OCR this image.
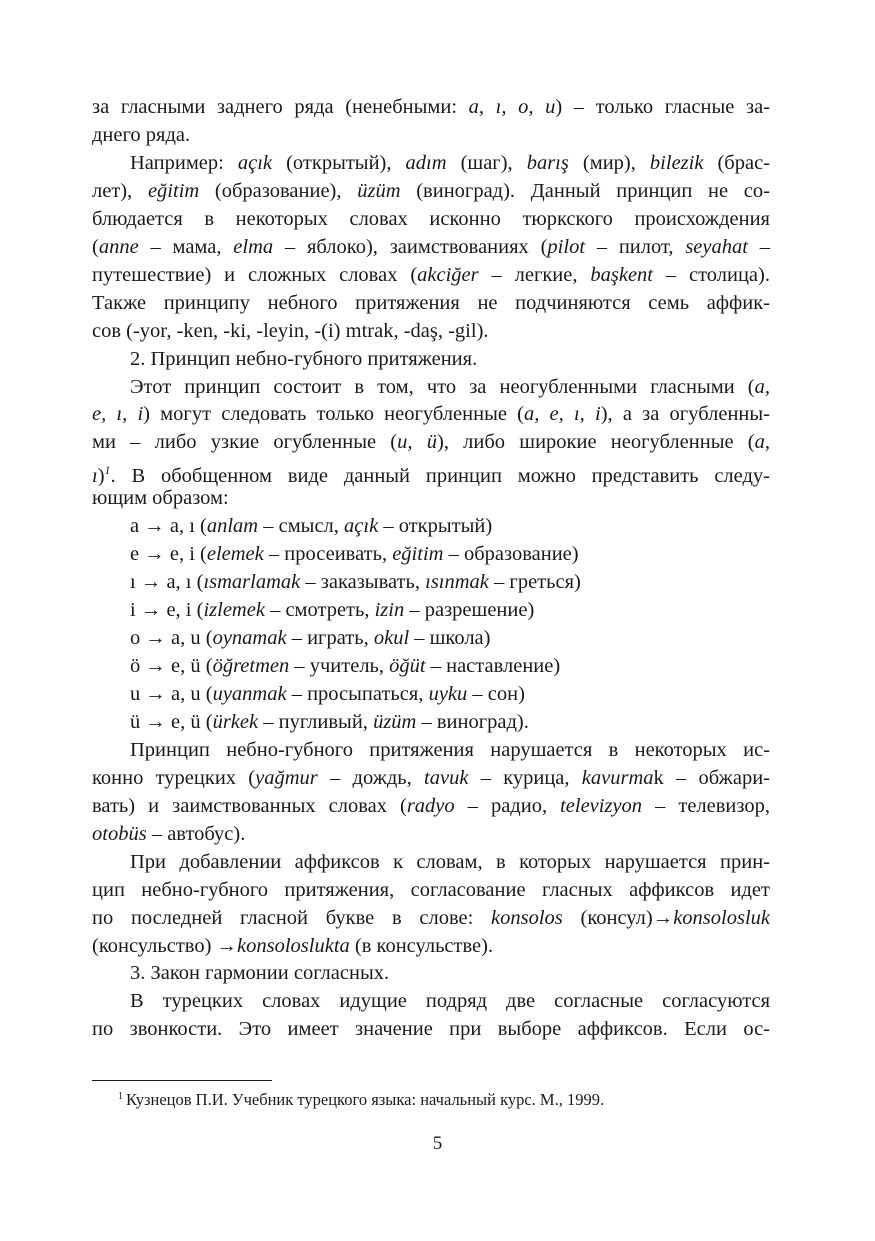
за гласными заднего ряда (ненебными: a, ı, o, u) – только гласные за-
днего ряда.
Например: açık (открытый), adım (шаг), barış (мир), bilezik (брас-
лет), eğitim (образование), üzüm (виноград). Данный принцип не со-
блюдается в некоторых словах исконно тюркского происхождения
(anne – мама, elma – яблоко), заимствованиях (pilot – пилот, seyahat –
путешествие) и сложных словах (akciğer – легкие, başkent – столица).
Также принципу небного притяжения не подчиняются семь аффик-
сов (-yor, -ken, -ki, -leyin, -(i) mtrak, -daş, -gil).
2. Принцип небно-губного притяжения.
Этот принцип состоит в том, что за неогубленными гласными (a,
e, ı, i) могут следовать только неогубленные (a, e, ı, i), а за огубленны-
ми – либо узкие огубленные (u, ü), либо широкие неогубленные (a,
ı)$^1$. В обобщенном виде данный принцип можно представить следу-
ющим образом:
a → a, ı (anlam – смысл, açık – открытый)
e → e, i (elemek – просеивать, eğitim – образование)
ı → a, ı (ısmarlamak – заказывать, ısınmak – греться)
i → e, i (izlemek – смотреть, izin – разрешение)
o → a, u (oynamak – играть, okul – школа)
ö → e, ü (öğretmen – учитель, öğüt – наставление)
u → a, u (uyanmak – просыпаться, uyku – сон)
ü → e, ü (ürkek – пугливый, üzüm – виноград).
Принцип небно-губного притяжения нарушается в некоторых ис-
конно турецких (yağmur – дождь, tavuk – курица, kavurmak – обжари-
вать) и заимствованных словах (radyo – радио, televizyon – телевизор,
otobüs – автобус).
При добавлении аффиксов к словам, в которых нарушается прин-
цип небно-губного притяжения, согласование гласных аффиксов идет
по последней гласной букве в слове: konsolos (консул)→konsolosluk
(консульство) →konsoloslukta (в консульстве).
3. Закон гармонии согласных.
В турецких словах идущие подряд две согласные согласуются
по звонкости. Это имеет значение при выборе аффиксов. Если ос-
$^1$ Кузнецов П.И. Учебник турецкого языка: начальный курс. М., 1999.
5
